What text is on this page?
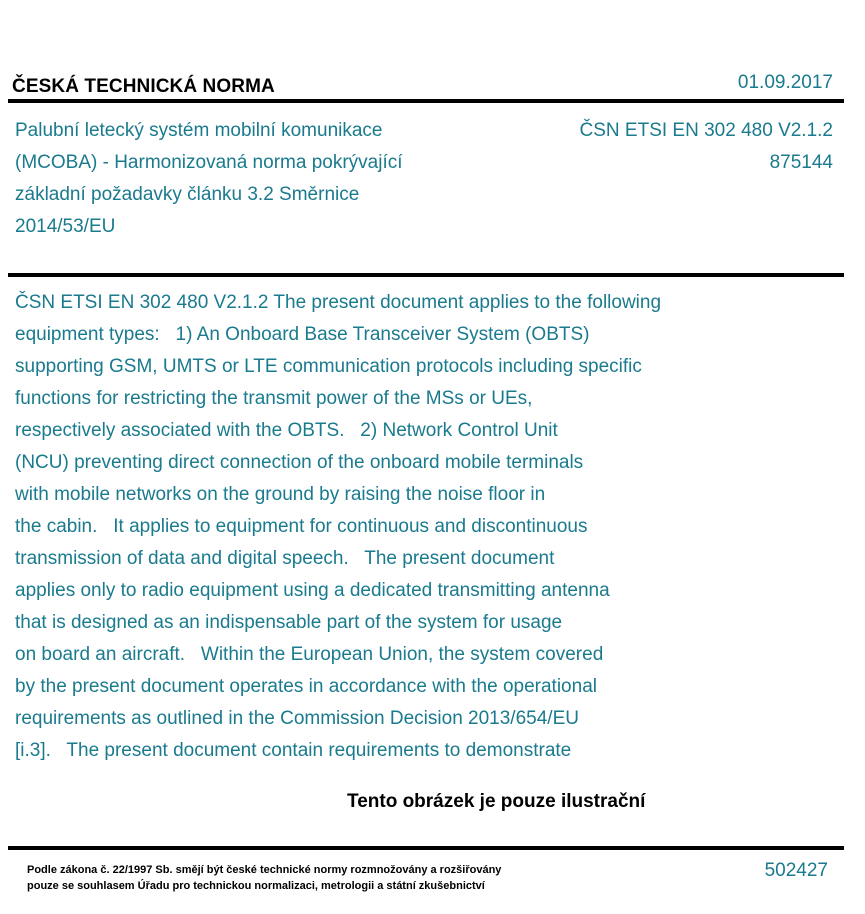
ČESKÁ TECHNICKÁ NORMA	01.09.2017
Palubní letecký systém mobilní komunikace
(MCOBA) - Harmonizovaná norma pokrývající
základní požadavky článku 3.2 Směrnice
2014/53/EU
ČSN ETSI EN 302 480 V2.1.2
875144
ČSN ETSI EN 302 480 V2.1.2 The present document applies to the following
equipment types:   1) An Onboard Base Transceiver System (OBTS)
supporting GSM, UMTS or LTE communication protocols including specific
functions for restricting the transmit power of the MSs or UEs,
respectively associated with the OBTS.   2) Network Control Unit
(NCU) preventing direct connection of the onboard mobile terminals
with mobile networks on the ground by raising the noise floor in
the cabin.   It applies to equipment for continuous and discontinuous
transmission of data and digital speech.   The present document
applies only to radio equipment using a dedicated transmitting antenna
that is designed as an indispensable part of the system for usage
on board an aircraft.   Within the European Union, the system covered
by the present document operates in accordance with the operational
requirements as outlined in the Commission Decision 2013/654/EU
[i.3].   The present document contain requirements to demonstrate
Tento obrázek je pouze ilustrační
Podle zákona č. 22/1997 Sb. smějí být české technické normy rozmnožovány a rozšiřovány
pouze se souhlasem Úřadu pro technickou normalizaci, metrologii a státní zkušebnictví
502427
